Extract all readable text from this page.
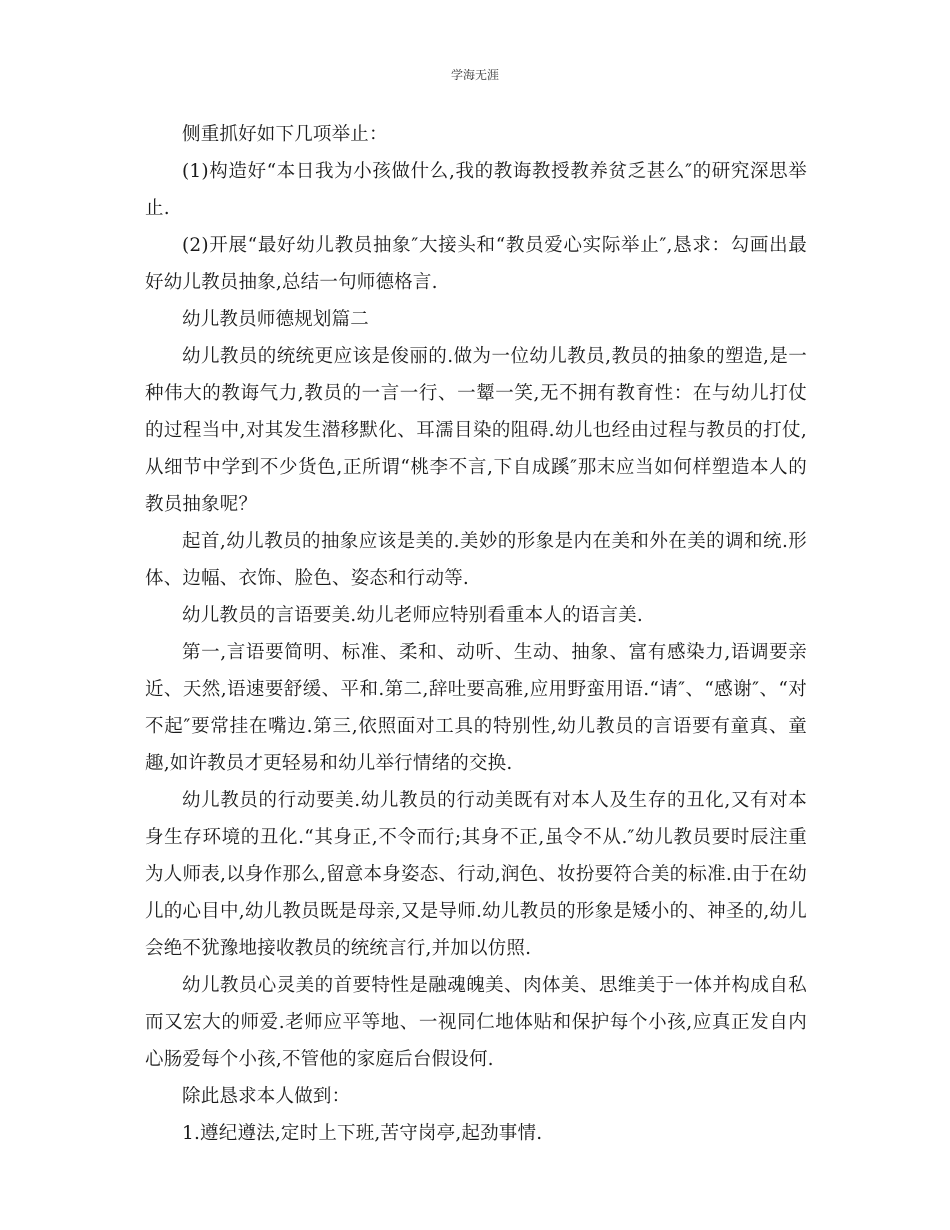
学海无涯

侧重抓好如下几项举止：

(1)构造好“本日我为小孩做什么,我的教诲教授教养贫乏甚么″的研究深思举止.

(2)开展“最好幼儿教员抽象″大接头和“教员爱心实际举止″,恳求：勾画出最好幼儿教员抽象,总结一句师德格言.

幼儿教员师德规划篇二

幼儿教员的统统更应该是俊丽的.做为一位幼儿教员,教员的抽象的塑造,是一种伟大的教诲气力,教员的一言一行、一颦一笑,无不拥有教育性：在与幼儿打仗的过程当中,对其发生潜移默化、耳濡目染的阻碍.幼儿也经由过程与教员的打仗,从细节中学到不少货色,正所谓“桃李不言,下自成蹊″那末应当如何样塑造本人的教员抽象呢？

起首,幼儿教员的抽象应该是美的.美妙的形象是内在美和外在美的调和统.形体、边幅、衣饰、脸色、姿态和行动等.

幼儿教员的言语要美.幼儿老师应特别看重本人的语言美.

第一,言语要简明、标准、柔和、动听、生动、抽象、富有感染力,语调要亲近、天然,语速要舒缓、平和.第二,辞吐要高雅,应用野蛮用语.“请″、“感谢″、“对不起″要常挂在嘴边.第三,依照面对工具的特别性,幼儿教员的言语要有童真、童趣,如许教员才更轻易和幼儿举行情绪的交换.

幼儿教员的行动要美.幼儿教员的行动美既有对本人及生存的丑化,又有对本身生存环境的丑化.“其身正,不令而行;其身不正,虽令不从.″幼儿教员要时辰注重为人师表,以身作那么,留意本身姿态、行动,润色、妆扮要符合美的标准.由于在幼儿的心目中,幼儿教员既是母亲,又是导师.幼儿教员的形象是矮小的、神圣的,幼儿会绝不犹豫地接收教员的统统言行,并加以仿照.

幼儿教员心灵美的首要特性是融魂魄美、肉体美、思维美于一体并构成自私而又宏大的师爱.老师应平等地、一视同仁地体贴和保护每个小孩,应真正发自内心肠爱每个小孩,不管他的家庭后台假设何.

除此恳求本人做到：

1.遵纪遵法,定时上下班,苦守岗亭,起劲事情.
